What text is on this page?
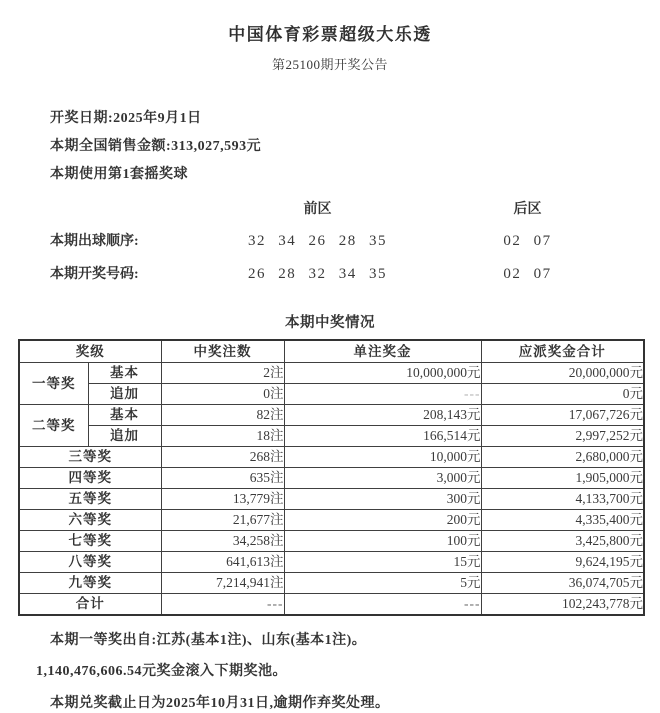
中国体育彩票超级大乐透
第25100期开奖公告

开奖日期:2025年9月1日

本期全国销售金额:313,027,593元

本期使用第1套摇奖球

前区	后区
本期出球顺序:	32 34 26 28 35	02 07
本期开奖号码:	26 28 32 34 35	02 07
本期中奖情况
奖级		中奖注数	单注奖金	应派奖金合计
一等奖	基本	2注	10,000,000元	20,000,000元
	追加	0注	---	0元
二等奖	基本	82注	208,143元	17,067,726元
	追加	18注	166,514元	2,997,252元
三等奖		268注	10,000元	2,680,000元
四等奖		635注	3,000元	1,905,000元
五等奖		13,779注	300元	4,133,700元
六等奖		21,677注	200元	4,335,400元
七等奖		34,258注	100元	3,425,800元
八等奖		641,613注	15元	9,624,195元
九等奖		7,214,941注	5元	36,074,705元
合计		---	---	102,243,778元

本期一等奖出自:江苏(基本1注)、山东(基本1注)。

1,140,476,606.54元奖金滚入下期奖池。

本期兑奖截止日为2025年10月31日,逾期作弃奖处理。
